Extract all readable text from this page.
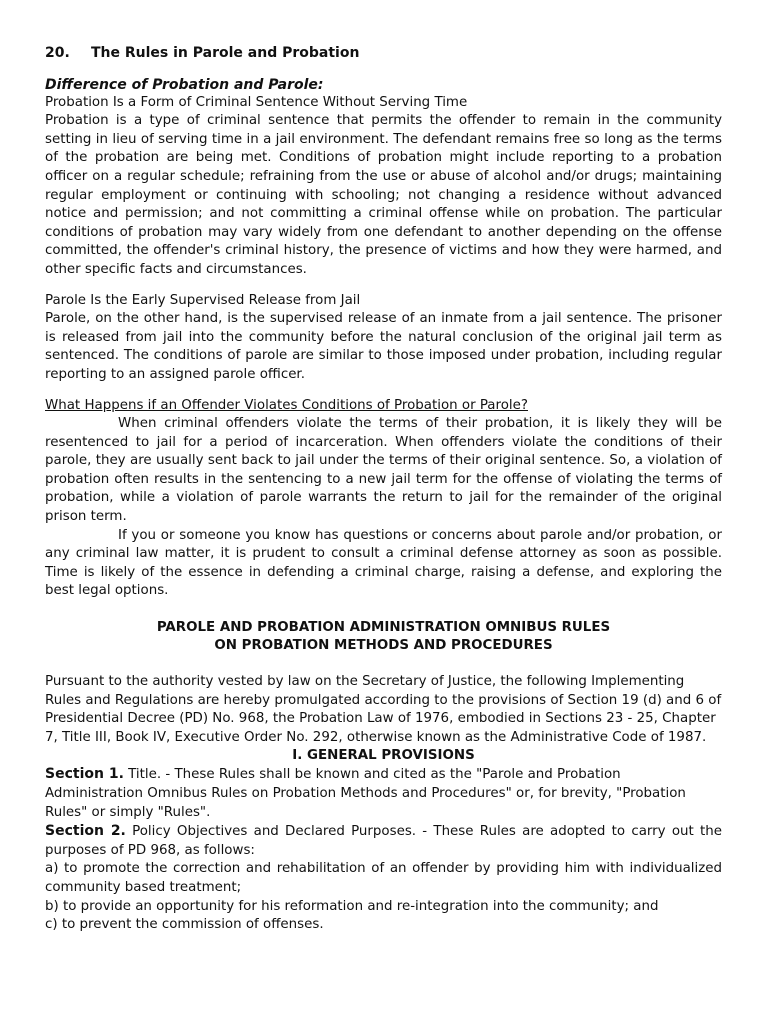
20. The Rules in Parole and Probation

Difference of Probation and Parole:

Probation Is a Form of Criminal Sentence Without Serving Time

Probation is a type of criminal sentence that permits the offender to remain in the community setting in lieu of serving time in a jail environment. The defendant remains free so long as the terms of the probation are being met. Conditions of probation might include reporting to a probation officer on a regular schedule; refraining from the use or abuse of alcohol and/or drugs; maintaining regular employment or continuing with schooling; not changing a residence without advanced notice and permission; and not committing a criminal offense while on probation. The particular conditions of probation may vary widely from one defendant to another depending on the offense committed, the offender's criminal history, the presence of victims and how they were harmed, and other specific facts and circumstances.

Parole Is the Early Supervised Release from Jail

Parole, on the other hand, is the supervised release of an inmate from a jail sentence. The prisoner is released from jail into the community before the natural conclusion of the original jail term as sentenced. The conditions of parole are similar to those imposed under probation, including regular reporting to an assigned parole officer.

What Happens if an Offender Violates Conditions of Probation or Parole?

When criminal offenders violate the terms of their probation, it is likely they will be resentenced to jail for a period of incarceration. When offenders violate the conditions of their parole, they are usually sent back to jail under the terms of their original sentence. So, a violation of probation often results in the sentencing to a new jail term for the offense of violating the terms of probation, while a violation of parole warrants the return to jail for the remainder of the original prison term.

If you or someone you know has questions or concerns about parole and/or probation, or any criminal law matter, it is prudent to consult a criminal defense attorney as soon as possible. Time is likely of the essence in defending a criminal charge, raising a defense, and exploring the best legal options.

PAROLE AND PROBATION ADMINISTRATION OMNIBUS RULES

ON PROBATION METHODS AND PROCEDURES

Pursuant to the authority vested by law on the Secretary of Justice, the following Implementing Rules and Regulations are hereby promulgated according to the provisions of Section 19 (d) and 6 of Presidential Decree (PD) No. 968, the Probation Law of 1976, embodied in Sections 23 - 25, Chapter 7, Title III, Book IV, Executive Order No. 292, otherwise known as the Administrative Code of 1987.

I. GENERAL PROVISIONS

Section 1. Title. - These Rules shall be known and cited as the "Parole and Probation Administration Omnibus Rules on Probation Methods and Procedures" or, for brevity, "Probation Rules" or simply "Rules".

Section 2. Policy Objectives and Declared Purposes. - These Rules are adopted to carry out the purposes of PD 968, as follows:

a) to promote the correction and rehabilitation of an offender by providing him with individualized community based treatment;

b) to provide an opportunity for his reformation and re-integration into the community; and

c) to prevent the commission of offenses.
